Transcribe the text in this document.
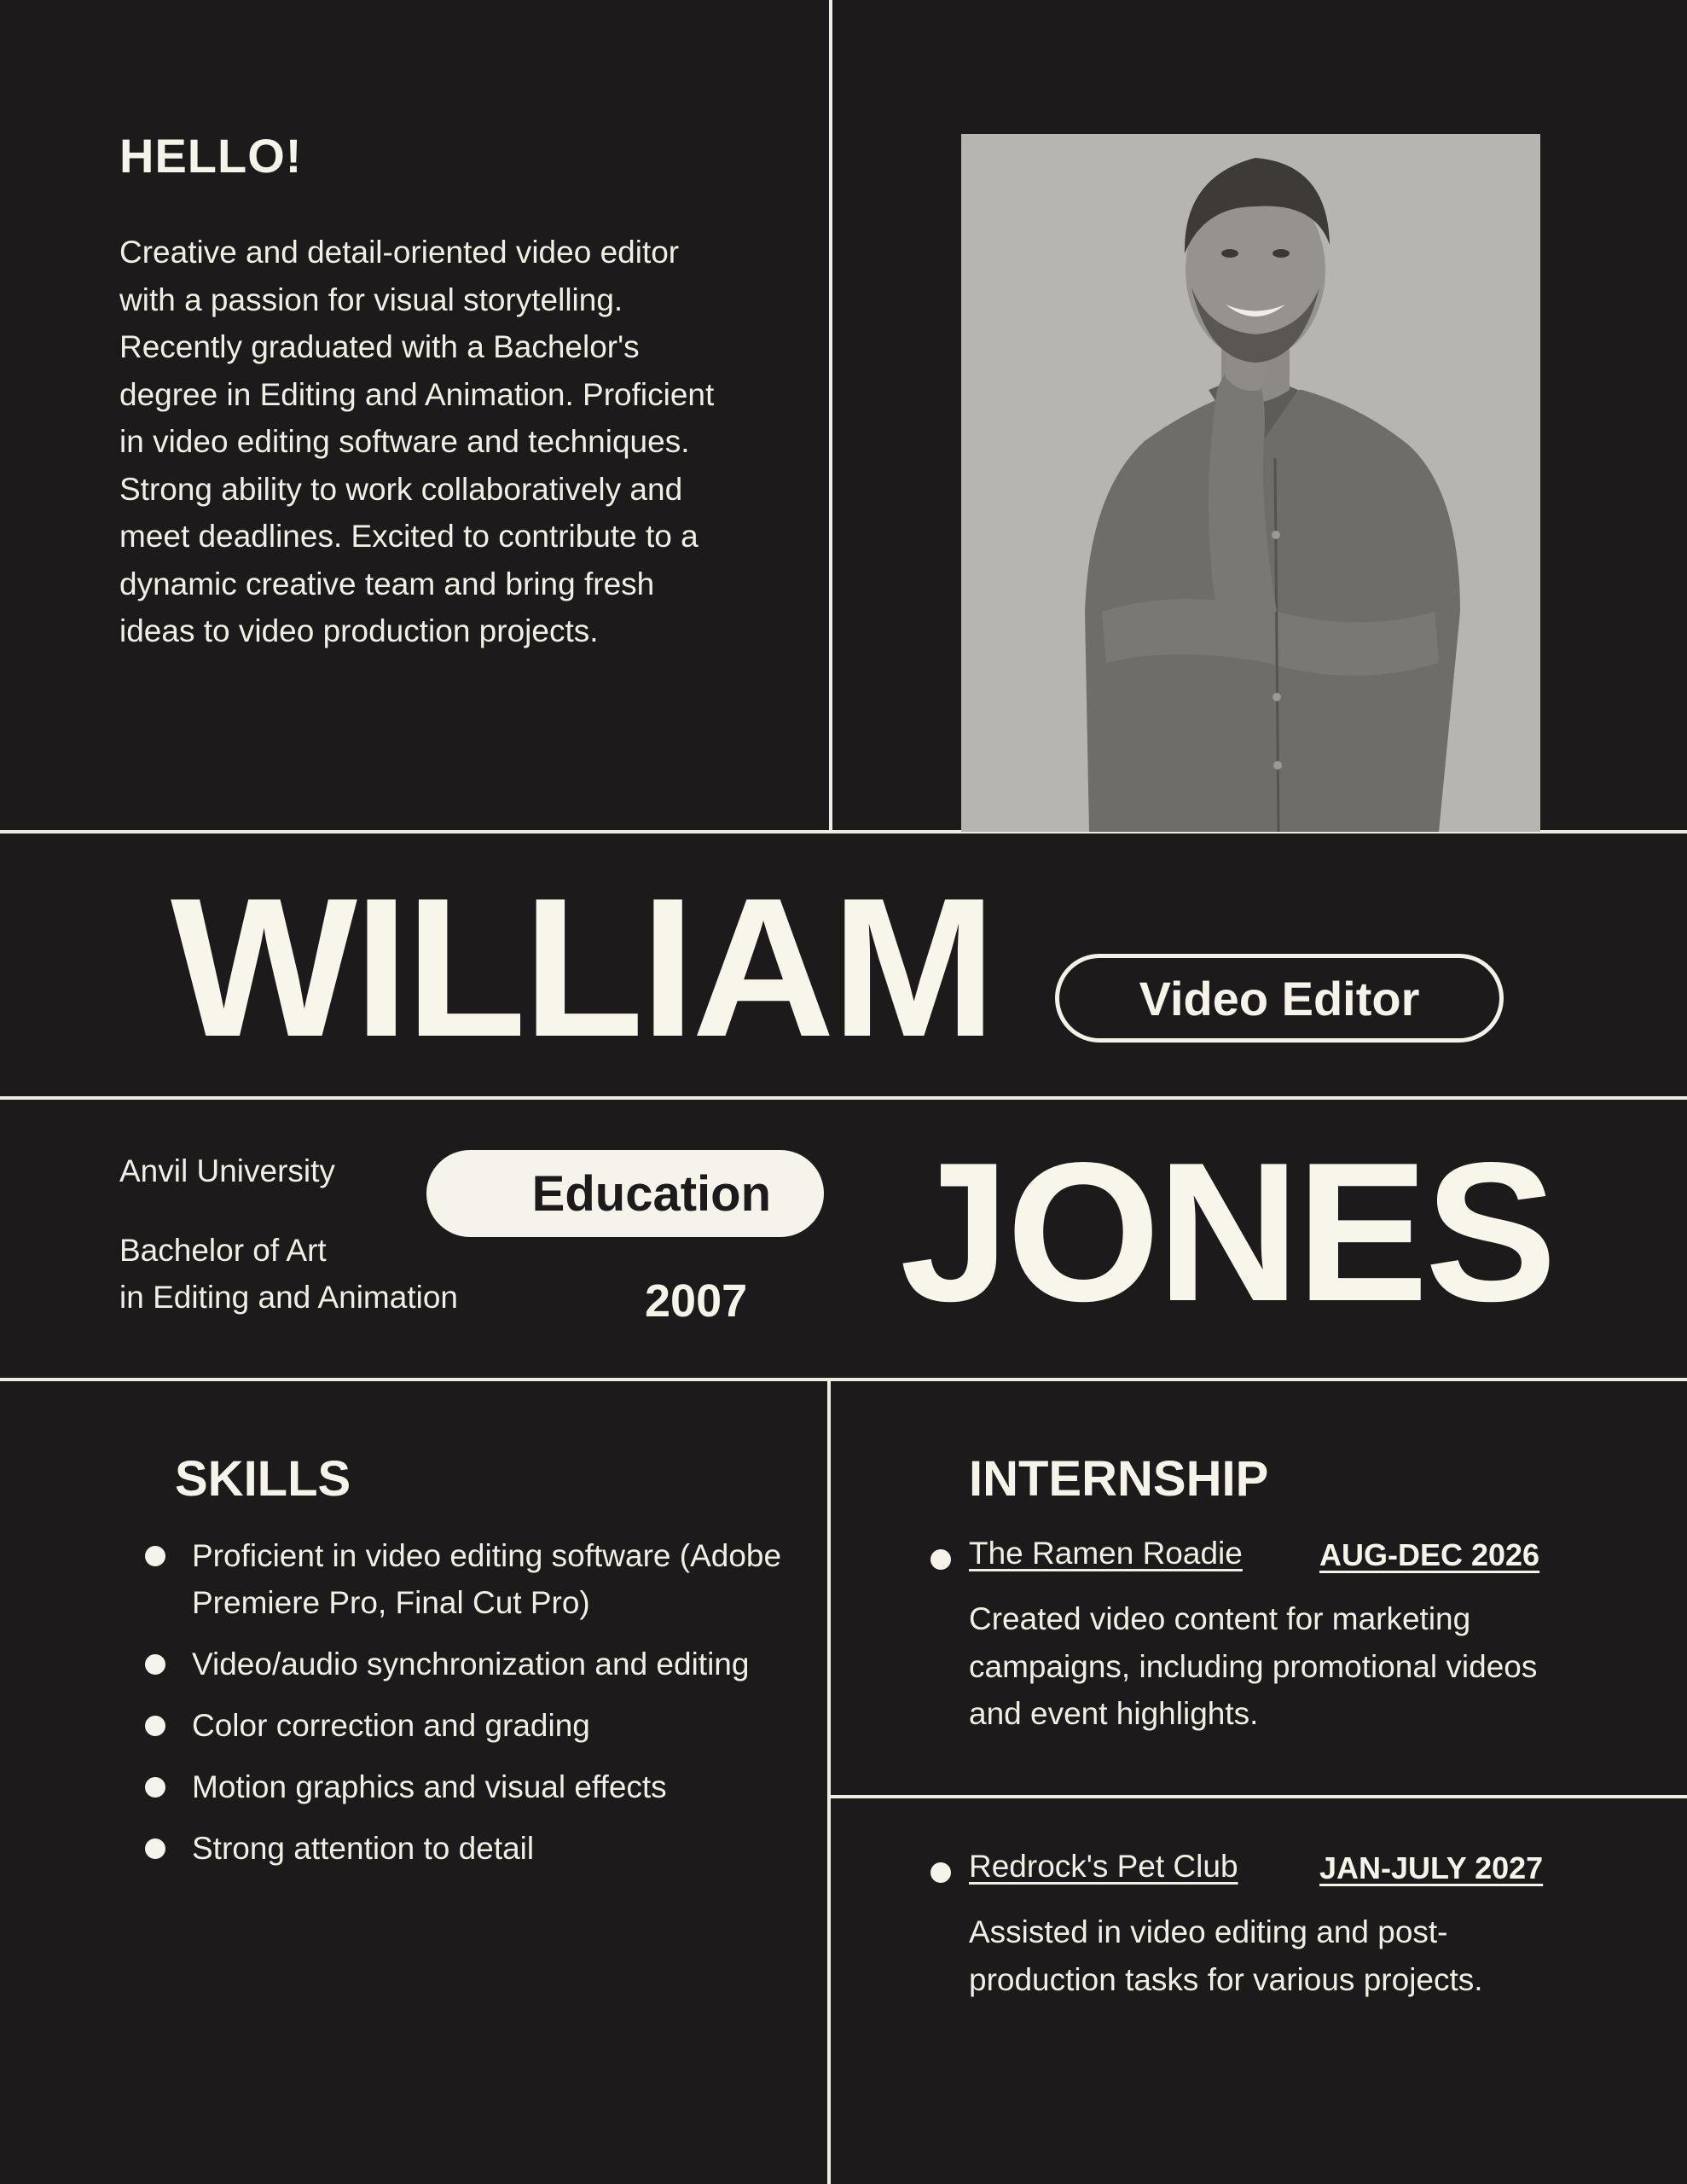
HELLO!

Creative and detail-oriented video editor with a passion for visual storytelling. Recently graduated with a Bachelor's degree in Editing and Animation. Proficient in video editing software and techniques. Strong ability to work collaboratively and meet deadlines. Excited to contribute to a dynamic creative team and bring fresh ideas to video production projects.

WILLIAM	Video Editor

Anvil University

Bachelor of Art
in Editing and Animation
Education

2007 JONES
SKILLS
Proficient in video editing software (Adobe Premiere Pro, Final Cut Pro)
Video/audio synchronization and editing
Color correction and grading
Motion graphics and visual effects
Strong attention to detail
INTERNSHIP
The Ramen Roadie	AUG-DEC 2026

Created video content for marketing campaigns, including promotional videos and event highlights.

Redrock's Pet Club	JAN-JULY 2027

Assisted in video editing and post-production tasks for various projects.
